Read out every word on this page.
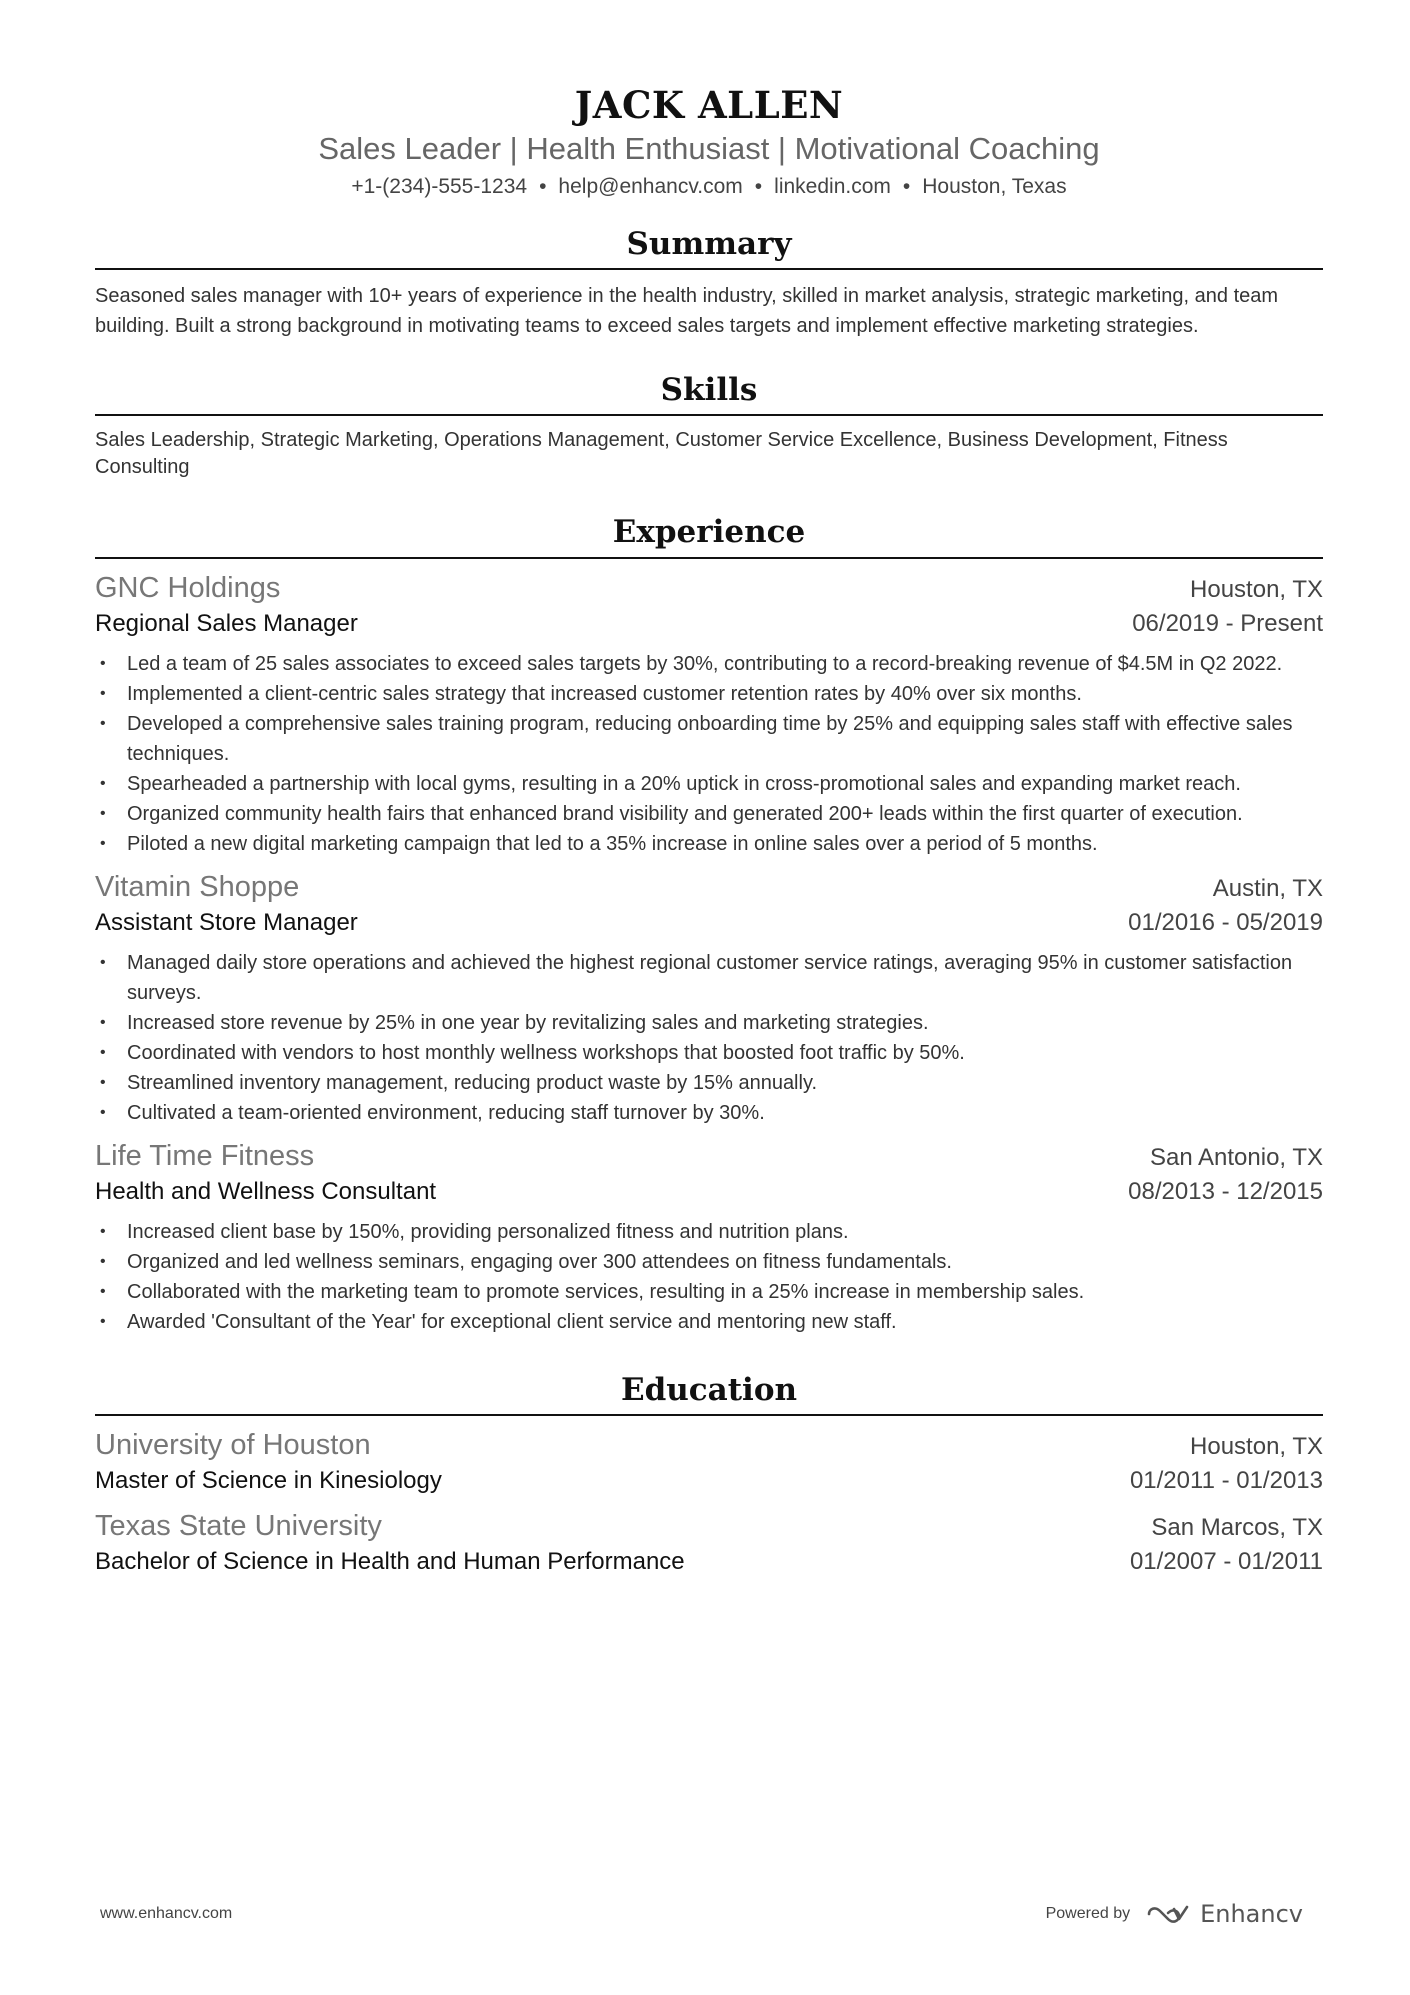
JACK ALLEN
Sales Leader | Health Enthusiast | Motivational Coaching
+1-(234)-555-1234 • help@enhancv.com • linkedin.com • Houston, Texas
Summary
Seasoned sales manager with 10+ years of experience in the health industry, skilled in market analysis, strategic marketing, and team building. Built a strong background in motivating teams to exceed sales targets and implement effective marketing strategies.
Skills
Sales Leadership, Strategic Marketing, Operations Management, Customer Service Excellence, Business Development, Fitness Consulting
Experience
GNC Holdings	Houston, TX
Regional Sales Manager	06/2019 - Present
• Led a team of 25 sales associates to exceed sales targets by 30%, contributing to a record-breaking revenue of $4.5M in Q2 2022.
• Implemented a client-centric sales strategy that increased customer retention rates by 40% over six months.
• Developed a comprehensive sales training program, reducing onboarding time by 25% and equipping sales staff with effective sales techniques.
• Spearheaded a partnership with local gyms, resulting in a 20% uptick in cross-promotional sales and expanding market reach.
• Organized community health fairs that enhanced brand visibility and generated 200+ leads within the first quarter of execution.
• Piloted a new digital marketing campaign that led to a 35% increase in online sales over a period of 5 months.
Vitamin Shoppe	Austin, TX
Assistant Store Manager	01/2016 - 05/2019
• Managed daily store operations and achieved the highest regional customer service ratings, averaging 95% in customer satisfaction surveys.
• Increased store revenue by 25% in one year by revitalizing sales and marketing strategies.
• Coordinated with vendors to host monthly wellness workshops that boosted foot traffic by 50%.
• Streamlined inventory management, reducing product waste by 15% annually.
• Cultivated a team-oriented environment, reducing staff turnover by 30%.
Life Time Fitness	San Antonio, TX
Health and Wellness Consultant	08/2013 - 12/2015
• Increased client base by 150%, providing personalized fitness and nutrition plans.
• Organized and led wellness seminars, engaging over 300 attendees on fitness fundamentals.
• Collaborated with the marketing team to promote services, resulting in a 25% increase in membership sales.
• Awarded 'Consultant of the Year' for exceptional client service and mentoring new staff.
Education
University of Houston	Houston, TX
Master of Science in Kinesiology	01/2011 - 01/2013
Texas State University	San Marcos, TX
Bachelor of Science in Health and Human Performance	01/2007 - 01/2011
www.enhancv.com	Powered by	Enhancv
